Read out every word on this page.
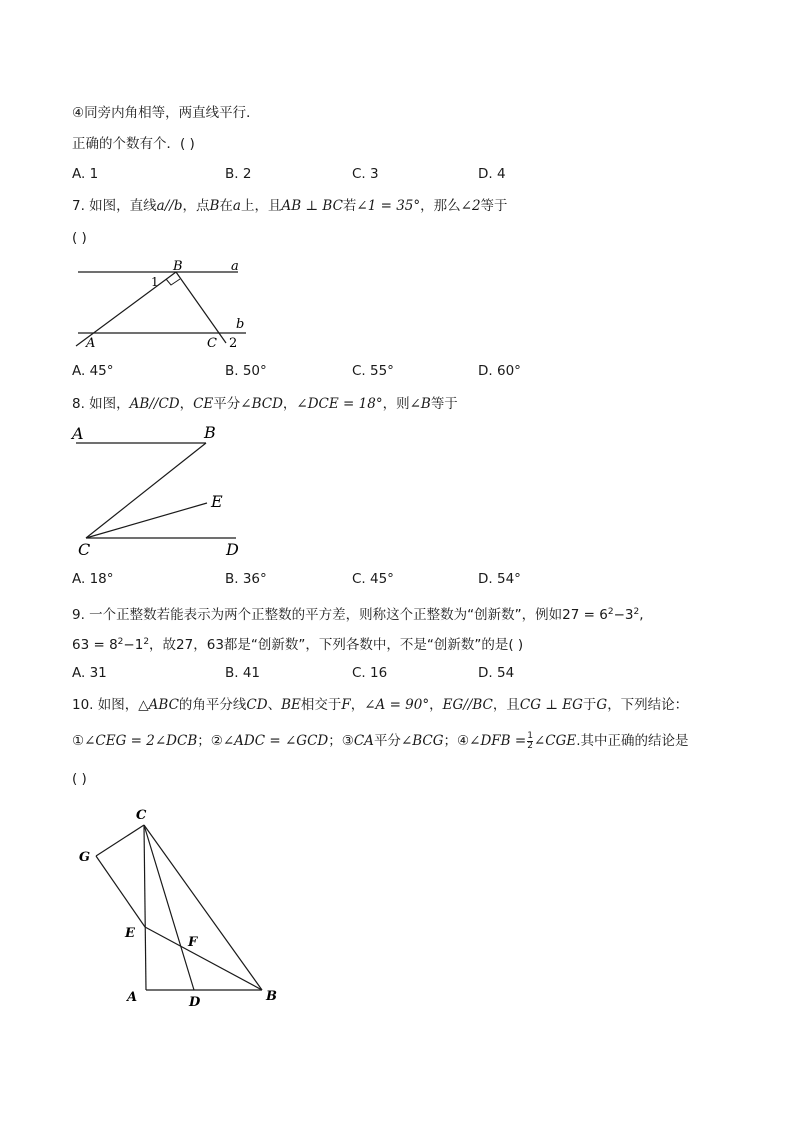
④同旁内角相等，两直线平行．
正确的个数有个．( )
A. 1	B. 2	C. 3	D. 4
7. 如图，直线a//b，点B在a上，且AB ⊥ BC若∠1 = 35°，那么∠2等于
( )
B	a
1
b
A	C 2
A. 45°	B. 50°	C. 55°	D. 60°
8. 如图，AB//CD，CE平分∠BCD，∠DCE = 18°，则∠B等于
A	B
E
C	D
A. 18°	B. 36°	C. 45°	D. 54°
9. 一个正整数若能表示为两个正整数的平方差，则称这个正整数为“创新数”，例如$27 = 6^2-3^2$,
$63 = 8^2-1^2$，故27，63都是“创新数”，下列各数中，不是“创新数”的是( )
A. 31	B. 41	C. 16	D. 54
10. 如图，△ABC的角平分线CD、BE相交于F，∠A = 90°，EG//BC，且CG ⊥ EG于G，下列结论：
①∠CEG = 2∠DCB；②∠ADC = ∠GCD；③CA平分∠BCG；④∠DFB = $\frac{1}{2}$ ∠CGE.其中正确的结论是
( )
C
G
E
F
A	D	B
